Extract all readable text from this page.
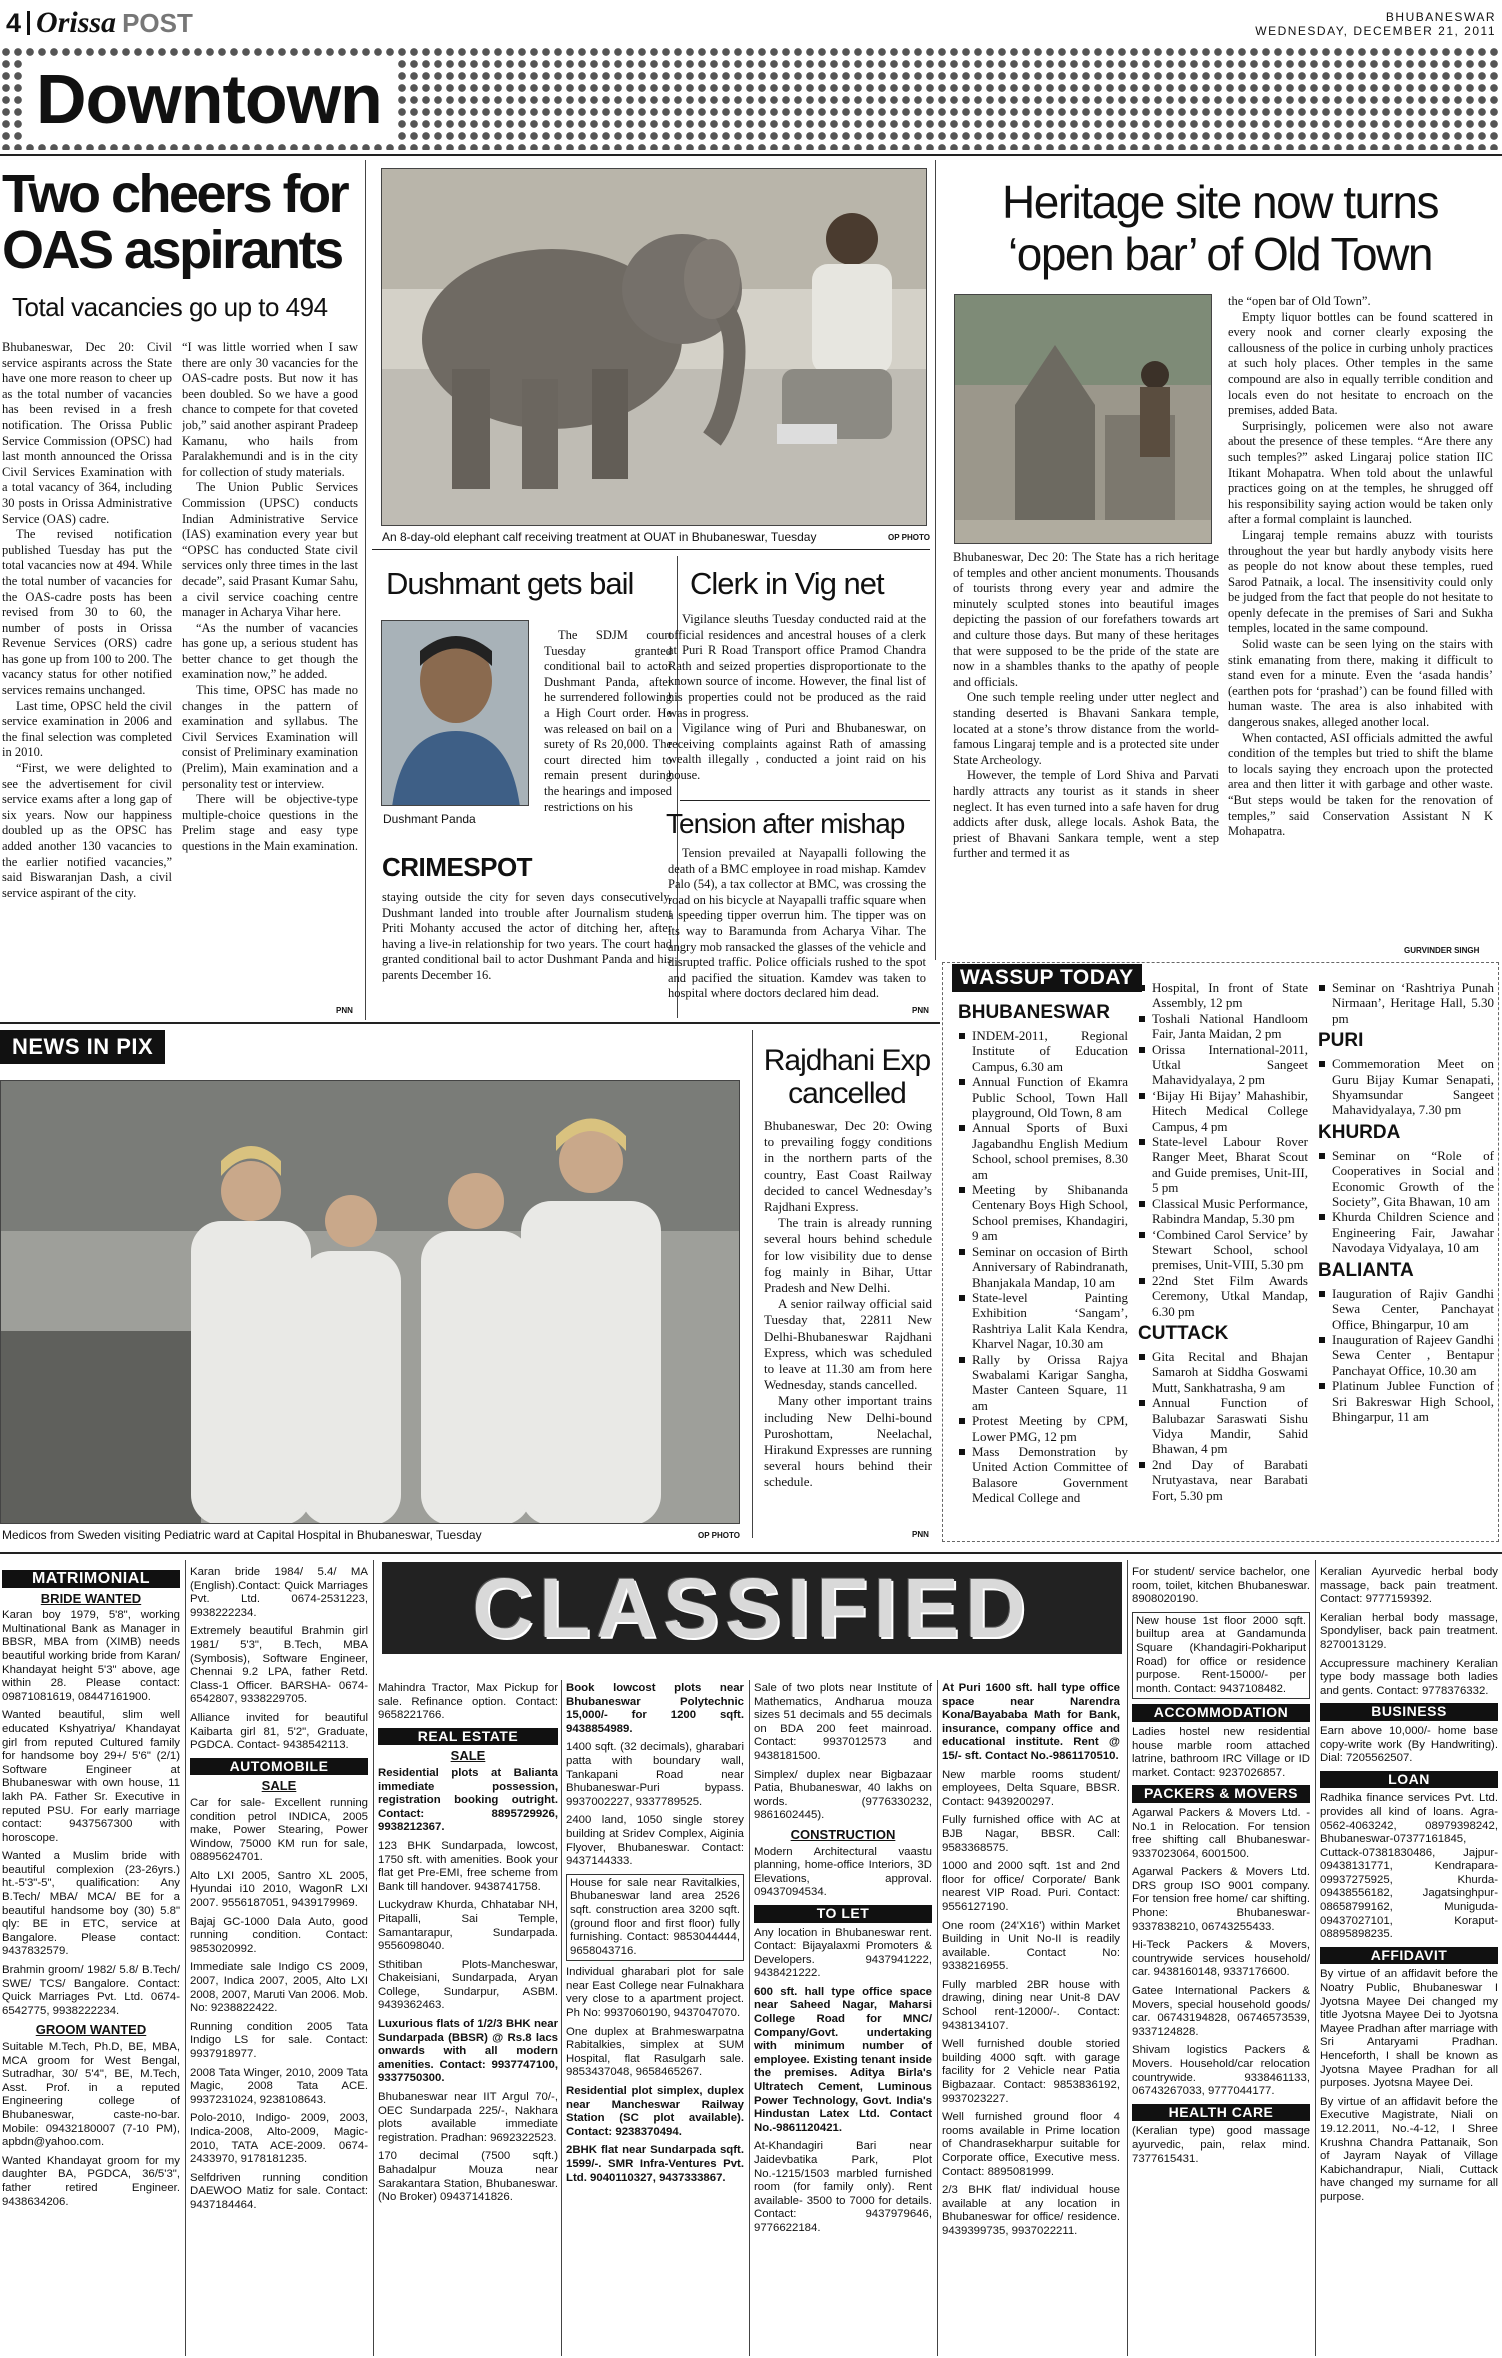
4 Orissa POST	BHUBANESWAR
WEDNESDAY, DECEMBER 21, 2011
Downtown
Two cheers for
OAS aspirants
Total vacancies go up to 494

Bhubaneswar, Dec 20: Civil service aspirants across the State have one more reason to cheer up as the total number of vacancies has been revised in a fresh notification. The Orissa Public Service Commission (OPSC) had last month announced the Orissa Civil Services Examination with a total vacancy of 364, including 30 posts in Orissa Administrative Service (OAS) cadre.

The revised notification published Tuesday has put the total vacancies now at 494. While the total number of vacancies for the OAS-cadre posts has been revised from 30 to 60, the number of posts in Orissa Revenue Services (ORS) cadre has gone up from 100 to 200. The vacancy status for other notified services remains unchanged.

Last time, OPSC held the civil service examination in 2006 and the final selection was completed in 2010.

“First, we were delighted to see the advertisement for civil service exams after a long gap of six years. Now our happiness doubled up as the OPSC has added another 130 vacancies to the earlier notified vacancies,” said Biswaranjan Dash, a civil service aspirant of the city.

“I was little worried when I saw there are only 30 vacancies for the OAS-cadre posts. But now it has been doubled. So we have a good chance to compete for that coveted job,” said another aspirant Pradeep Kamanu, who hails from Paralakhemundi and is in the city for collection of study materials.

The Union Public Services Commission (UPSC) conducts Indian Administrative Service (IAS) examination every year but “OPSC has conducted State civil services only three times in the last decade”, said Prasant Kumar Sahu, a civil service coaching centre manager in Acharya Vihar here.

“As the number of vacancies has gone up, a serious student has better chance to get though the examination now,” he added.

This time, OPSC has made no changes in the pattern of examination and syllabus. The Civil Services Examination will consist of Preliminary examination (Prelim), Main examination and a personality test or interview.

There will be objective-type multiple-choice questions in the Prelim stage and easy type questions in the Main examination.

PNN
An 8-day-old elephant calf receiving treatment at OUAT in Bhubaneswar, Tuesday	OP PHOTO
Dushmant gets bail
Dushmant Panda
CRIMESPOT
The SDJM court Tuesday granted conditional bail to actor Dushmant Panda, after he surrendered following a High Court order. He was released on bail on a surety of Rs 20,000. The court directed him to remain present during the hearings and imposed restrictions on his
staying outside the city for seven days consecutively. Dushmant landed into trouble after Journalism student Priti Mohanty accused the actor of ditching her, after having a live-in relationship for two years. The court had granted conditional bail to actor Dushmant Panda and his parents December 16.
Clerk in Vig net

Vigilance sleuths Tuesday conducted raid at the official residences and ancestral houses of a clerk at Puri R Road Transport office Pramod Chandra Rath and seized properties disproportionate to the known source of income. However, the final list of his properties could not be produced as the raid was in progress.

Vigilance wing of Puri and Bhubaneswar, on receiving complaints against Rath of amassing wealth illegally , conducted a joint raid on his house.

Tension after mishap

Tension prevailed at Nayapalli following the death of a BMC employee in road mishap. Kamdev Palo (54), a tax collector at BMC, was crossing the road on his bicycle at Nayapalli traffic square when a speeding tipper overrun him. The tipper was on its way to Baramunda from Acharya Vihar. The angry mob ransacked the glasses of the vehicle and disrupted traffic. Police officials rushed to the spot and pacified the situation. Kamdev was taken to hospital where doctors declared him dead.

PNN
Heritage site now turns
‘open bar’ of Old Town

Bhubaneswar, Dec 20: The State has a rich heritage of temples and other ancient monuments. Thousands of tourists throng every year and admire the minutely sculpted stones into beautiful images depicting the passion of our forefathers towards art and culture those days. But many of these heritages that were supposed to be the pride of the state are now in a shambles thanks to the apathy of people and officials.

One such temple reeling under utter neglect and standing deserted is Bhavani Sankara temple, located at a stone’s throw distance from the world-famous Lingaraj temple and is a protected site under State Archeology.

However, the temple of Lord Shiva and Parvati hardly attracts any tourist as it stands in sheer neglect. It has even turned into a safe haven for drug addicts after dusk, allege locals. Ashok Bata, the priest of Bhavani Sankara temple, went a step further and termed it as

the “open bar of Old Town”.

Empty liquor bottles can be found scattered in every nook and corner clearly exposing the callousness of the police in curbing unholy practices at such holy places. Other temples in the same compound are also in equally terrible condition and locals even do not hesitate to encroach on the premises, added Bata.

Surprisingly, policemen were also not aware about the presence of these temples. “Are there any such temples?” asked Lingaraj police station IIC Itikant Mohapatra. When told about the unlawful practices going on at the temples, he shrugged off his responsibility saying action would be taken only after a formal complaint is launched.

Lingaraj temple remains abuzz with tourists throughout the year but hardly anybody visits here as people do not know about these temples, rued Sarod Patnaik, a local. The insensitivity could only be judged from the fact that people do not hesitate to openly defecate in the premises of Sari and Sukha temples, located in the same compound.

Solid waste can be seen lying on the stairs with stink emanating from there, making it difficult to stand even for a minute. Even the ‘asada handis’ (earthen pots for ‘prashad’) can be found filled with human waste. The area is also inhabited with dangerous snakes, alleged another local.

When contacted, ASI officials admitted the awful condition of the temples but tried to shift the blame to locals saying they encroach upon the protected area and then litter it with garbage and other waste. “But steps would be taken for the renovation of temples,” said Conservation Assistant N K Mohapatra.

GURVINDER SINGH
NEWS IN PIX
Medicos from Sweden visiting Pediatric ward at Capital Hospital in Bhubaneswar, Tuesday	OP PHOTO
Rajdhani Exp
cancelled

Bhubaneswar, Dec 20: Owing to prevailing foggy conditions in the northern parts of the country, East Coast Railway decided to cancel Wednesday’s Rajdhani Express.

The train is already running several hours behind schedule for low visibility due to dense fog mainly in Bihar, Uttar Pradesh and New Delhi.

A senior railway official said Tuesday that, 22811 New Delhi-Bhubaneswar Rajdhani Express, which was scheduled to leave at 11.30 am from here Wednesday, stands cancelled.

Many other important trains including New Delhi-bound Puroshottam, Neelachal, Hirakund Expresses are running several hours behind their schedule.

PNN
WASSUP TODAY
BHUBANESWAR
INDEM-2011, Regional Institute of Education Campus, 6.30 am
Annual Function of Ekamra Public School, Town Hall playground, Old Town, 8 am
Annual Sports of Buxi Jagabandhu English Medium School, school premises, 8.30 am
Meeting by Shibananda Centenary Boys High School, School premises, Khandagiri, 9 am
Seminar on occasion of Birth Anniversary of Rabindranath, Bhanjakala Mandap, 10 am
State-level Painting Exhibition ‘Sangam’, Rashtriya Lalit Kala Kendra, Kharvel Nagar, 10.30 am
Rally by Orissa Rajya Swabalami Karigar Sangha, Master Canteen Square, 11 am
Protest Meeting by CPM, Lower PMG, 12 pm
Mass Demonstration by United Action Committee of Balasore Government Medical College and
Hospital, In front of State Assembly, 12 pm
Toshali National Handloom Fair, Janta Maidan, 2 pm
Orissa International-2011, Utkal Sangeet Mahavidyalaya, 2 pm
‘Bijay Hi Bijay’ Mahashibir, Hitech Medical College Campus, 4 pm
State-level Labour Rover Ranger Meet, Bharat Scout and Guide premises, Unit-III, 5 pm
Classical Music Performance, Rabindra Mandap, 5.30 pm
‘Combined Carol Service’ by Stewart School, school premises, Unit-VIII, 5.30 pm
22nd Stet Film Awards Ceremony, Utkal Mandap, 6.30 pm
CUTTACK
Gita Recital and Bhajan Samaroh at Siddha Goswami Mutt, Sankhatrasha, 9 am
Annual Function of Balubazar Saraswati Sishu Vidya Mandir, Sahid Bhawan, 4 pm
2nd Day of Barabati Nrutyastava, near Barabati Fort, 5.30 pm
Seminar on ‘Rashtriya Punah Nirmaan’, Heritage Hall, 5.30 pm
PURI
Commemoration Meet on Guru Bijay Kumar Senapati, Shyamsundar Sangeet Mahavidyalaya, 7.30 pm
KHURDA
Seminar on “Role of Cooperatives in Social and Economic Growth of the Society”, Gita Bhawan, 10 am
Khurda Children Science and Engineering Fair, Jawahar Navodaya Vidyalaya, 10 am
BALIANTA
Iauguration of Rajiv Gandhi Sewa Center, Panchayat Office, Bhingarpur, 10 am
Inauguration of Rajeev Gandhi Sewa Center , Bentapur Panchayat Office, 10.30 am
Platinum Jublee Function of Sri Bakreswar High School, Bhingarpur, 11 am
CLASSIFIED
MATRIMONIAL
BRIDE WANTED

Karan boy 1979, 5'8", working Multinational Bank as Manager in BBSR, MBA from (XIMB) needs beautiful working bride from Karan/ Khandayat height 5'3" above, age within 28. Please contact: 09871081619, 08447161900.

Wanted beautiful, slim well educated Kshyatriya/ Khandayat girl from reputed Cultured family for handsome boy 29+/ 5'6" (2/1) Software Engineer at Bhubaneswar with own house, 11 lakh PA. Father Sr. Executive in reputed PSU. For early marriage contact: 9437567300 with horoscope.

Wanted a Muslim bride with beautiful complexion (23-26yrs.) ht.-5'3"-5", qualification: Any B.Tech/ MBA/ MCA/ BE for a beautiful handsome boy (30) 5.8" qly: BE in ETC, service at Bangalore. Please contact: 9437832579.

Brahmin groom/ 1982/ 5.8/ B.Tech/ SWE/ TCS/ Bangalore. Contact: Quick Marriages Pvt. Ltd. 0674-6542775, 9938222234.

GROOM WANTED

Suitable M.Tech, Ph.D, BE, MBA, MCA groom for West Bengal, Sutradhar, 30/ 5'4", BE, M.Tech, Asst. Prof. in a reputed Engineering college of Bhubaneswar, caste-no-bar. Mobile: 09432180007 (7-10 PM), apbdn@yahoo.com.

Wanted Khandayat groom for my daughter BA, PGDCA, 36/5'3", father retired Engineer. 9438634206.

Karan bride 1984/ 5.4/ MA (English).Contact: Quick Marriages Pvt. Ltd. 0674-2531223, 9938222234.

Extremely beautiful Brahmin girl 1981/ 5'3", B.Tech, MBA (Symbosis), Software Engineer, Chennai 9.2 LPA, father Retd. Class-1 Officer. BARSHA- 0674-6542807, 9338229705.

Alliance invited for beautiful Kaibarta girl 81, 5'2", Graduate, PGDCA. Contact- 9438542113.

AUTOMOBILE
SALE

Car for sale- Excellent running condition petrol INDICA, 2005 make, Power Stearing, Power Window, 75000 KM run for sale, 08895624701.

Alto LXI 2005, Santro XL 2005, Hyundai i10 2010, WagonR LXI 2007. 9556187051, 9439179969.

Bajaj GC-1000 Dala Auto, good running condition. Contact: 9853020992.

Immediate sale Indigo CS 2009, 2007, Indica 2007, 2005, Alto LXI 2008, 2007, Maruti Van 2006. Mob. No: 9238822422.

Running condition 2005 Tata Indigo LS for sale. Contact: 9937918977.

2008 Tata Winger, 2010, 2009 Tata Magic, 2008 Tata ACE. 9937231024, 9238108643.

Polo-2010, Indigo- 2009, 2003, Indica-2008, Alto-2009, Magic-2010, TATA ACE-2009. 0674-2433970, 9178181235.

Selfdriven running condition DAEWOO Matiz for sale. Contact: 9437184464.

Mahindra Tractor, Max Pickup for sale. Refinance option. Contact: 9658221766.

REAL ESTATE
SALE

Residential plots at Balianta immediate possession, registration booking outright. Contact: 8895729926, 9938212367.

123 BHK Sundarpada, lowcost, 1750 sft. with amenities. Book your flat get Pre-EMI, free scheme from Bank till handover. 9438741758.

Luckydraw Khurda, Chhatabar NH, Pitapalli, Sai Temple, Samantarapur, Sundarpada. 9556098040.

Sthitiban Plots-Mancheswar, Chakeisiani, Sundarpada, Aryan College, Sundarpur, ASBM. 9439362463.

Luxurious flats of 1/2/3 BHK near Sundarpada (BBSR) @ Rs.8 lacs onwards with all modern amenities. Contact: 9937747100, 9337750300.

Bhubaneswar near IIT Argul 70/-, OEC Sundarpada 225/-, Nakhara plots available immediate registration. Pradhan: 9692322523.

170 decimal (7500 sqft.) Bahadalpur Mouza near Sarakantara Station, Bhubaneswar. (No Broker) 09437141826.

Book lowcost plots near Bhubaneswar Polytechnic 15,000/- for 1200 sqft. 9438854989.

1400 sqft. (32 decimals), gharabari patta with boundary wall, Tankapani Road near Bhubaneswar-Puri bypass. 9937002227, 9337789525.

2400 land, 1050 single storey building at Sridev Complex, Aiginia Flyover, Bhubaneswar. Contact: 9437144333.

House for sale near Ravitalkies, Bhubaneswar land area 2526 sqft. construction area 3200 sqft. (ground floor and first floor) fully furnishing. Contact: 9853044444, 9658043716.

Individual gharabari plot for sale near East College near Fulnakhara very close to a apartment project. Ph No: 9937060190, 9437047070.

One duplex at Brahmeswarpatna Rabitalkies, simplex at SUM Hospital, flat Rasulgarh sale. 9853437048, 9658465267.

Residential plot simplex, duplex near Mancheswar Railway Station (SC plot available). Contact: 9238370494.

2BHK flat near Sundarpada sqft. 1599/-. SMR Infra-Ventures Pvt. Ltd. 9040110327, 9437333867.

Sale of two plots near Institute of Mathematics, Andharua mouza sizes 51 decimals and 55 decimals on BDA 200 feet mainroad. Contact: 9937012573 and 9438181500.

Simplex/ duplex near Bigbazaar Patia, Bhubaneswar, 40 lakhs on words. (9776330232, 9861602445).

CONSTRUCTION

Modern Architectural vaastu planning, home-office Interiors, 3D Elevations, approval. 09437094534.

TO LET

Any location in Bhubaneswar rent. Contact: Bijayalaxmi Promoters & Developers. 9437941222, 9438421222.

600 sft. hall type office space near Saheed Nagar, Maharsi College Road for MNC/ Company/Govt. undertaking with minimum number of employee. Existing tenant inside the premises. Aditya Birla's Ultratech Cement, Luminous Power Technology, Govt. India's Hindustan Latex Ltd. Contact No.-9861120421.

At-Khandagiri Bari near Jaidevbatika Park, Plot No.-1215/1503 marbled furnished room (for family only). Rent available- 3500 to 7000 for details. Contact: 9437979646, 9776622184.

At Puri 1600 sft. hall type office space near Narendra Kona/Bayababa Math for Bank, insurance, company office and educational institute. Rent @ 15/- sft. Contact No.-9861170510.

New marble rooms student/ employees, Delta Square, BBSR. Contact: 9439200297.

Fully furnished office with AC at BJB Nagar, BBSR. Call: 9583368575.

1000 and 2000 sqft. 1st and 2nd floor for office/ Corporate/ Bank nearest VIP Road. Puri. Contact: 9556127190.

One room (24'X16') within Market Building in Unit No-II is readily available. Contact No: 9338216955.

Fully marbled 2BR house with drawing, dining near Unit-8 DAV School rent-12000/-. Contact: 9438134107.

Well furnished double storied building 4000 sqft. with garage facility for 2 Vehicle near Patia Bigbazaar. Contact: 9853836192, 9937023227.

Well furnished ground floor 4 rooms available in Prime location of Chandrasekharpur suitable for Corporate office, Executive mess. Contact: 8895081999.

2/3 BHK flat/ individual house available at any location in Bhubaneswar for office/ residence. 9439399735, 9937022211.

For student/ service bachelor, one room, toilet, kitchen Bhubaneswar. 8908020190.

New house 1st floor 2000 sqft. builtup area at Gandamunda Square (Khandagiri-Pokhariput Road) for office or residence purpose. Rent-15000/- per month. Contact: 9437108482.

ACCOMMODATION

Ladies hostel new residential house marble room attached latrine, bathroom IRC Village or ID market. Contact: 9237026857.

PACKERS & MOVERS

Agarwal Packers & Movers Ltd. - No.1 in Relocation. For tension free shifting call Bhubaneswar- 9337023064, 6001500.

Agarwal Packers & Movers Ltd. DRS group ISO 9001 company. For tension free home/ car shifting. Phone: Bhubaneswar- 9337838210, 06743255433.

Hi-Teck Packers & Movers, countrywide services household/ car. 9438160148, 9337176600.

Gatee International Packers & Movers, special household goods/ car. 06743194828, 06746573539, 9337124828.

Shivam logistics Packers & Movers. Household/car relocation countrywide. 9338461133, 06743267033, 9777044177.

HEALTH CARE

(Keralian type) good massage ayurvedic, pain, relax mind. 7377615431.

Keralian Ayurvedic herbal body massage, back pain treatment. Contact: 9777159392.

Keralian herbal body massage, Spondyliser, back pain treatment. 8270013129.

Accupressure machinery Keralian type body massage both ladies and gents. Contact: 9778376332.

BUSINESS

Earn above 10,000/- home base copy-write work (By Handwriting). Dial: 7205562507.

LOAN

Radhika finance services Pvt. Ltd. provides all kind of loans. Agra-0562-4063242, 08979398242, Bhubaneswar-07377161845, Cuttack-07381830486, Jajpur-09438131771, Kendrapara-09937275925, Khurda-09438556182, Jagatsinghpur-08658799162, Muniguda-09437027101, Koraput-08895898235.

AFFIDAVIT

By virtue of an affidavit before the Noatry Public, Bhubaneswar I Jyotsna Mayee Dei changed my title Jyotsna Mayee Dei to Jyotsna Mayee Pradhan after marriage with Sri Antaryami Pradhan. Henceforth, I shall be known as Jyotsna Mayee Pradhan for all purposes. Jyotsna Mayee Dei.

By virtue of an affidavit before the Executive Magistrate, Niali on 19.12.2011, No.-4-12, I Shree Krushna Chandra Pattanaik, Son of Jayram Nayak of Village Kabichandrapur, Niali, Cuttack have changed my surname for all purpose.
